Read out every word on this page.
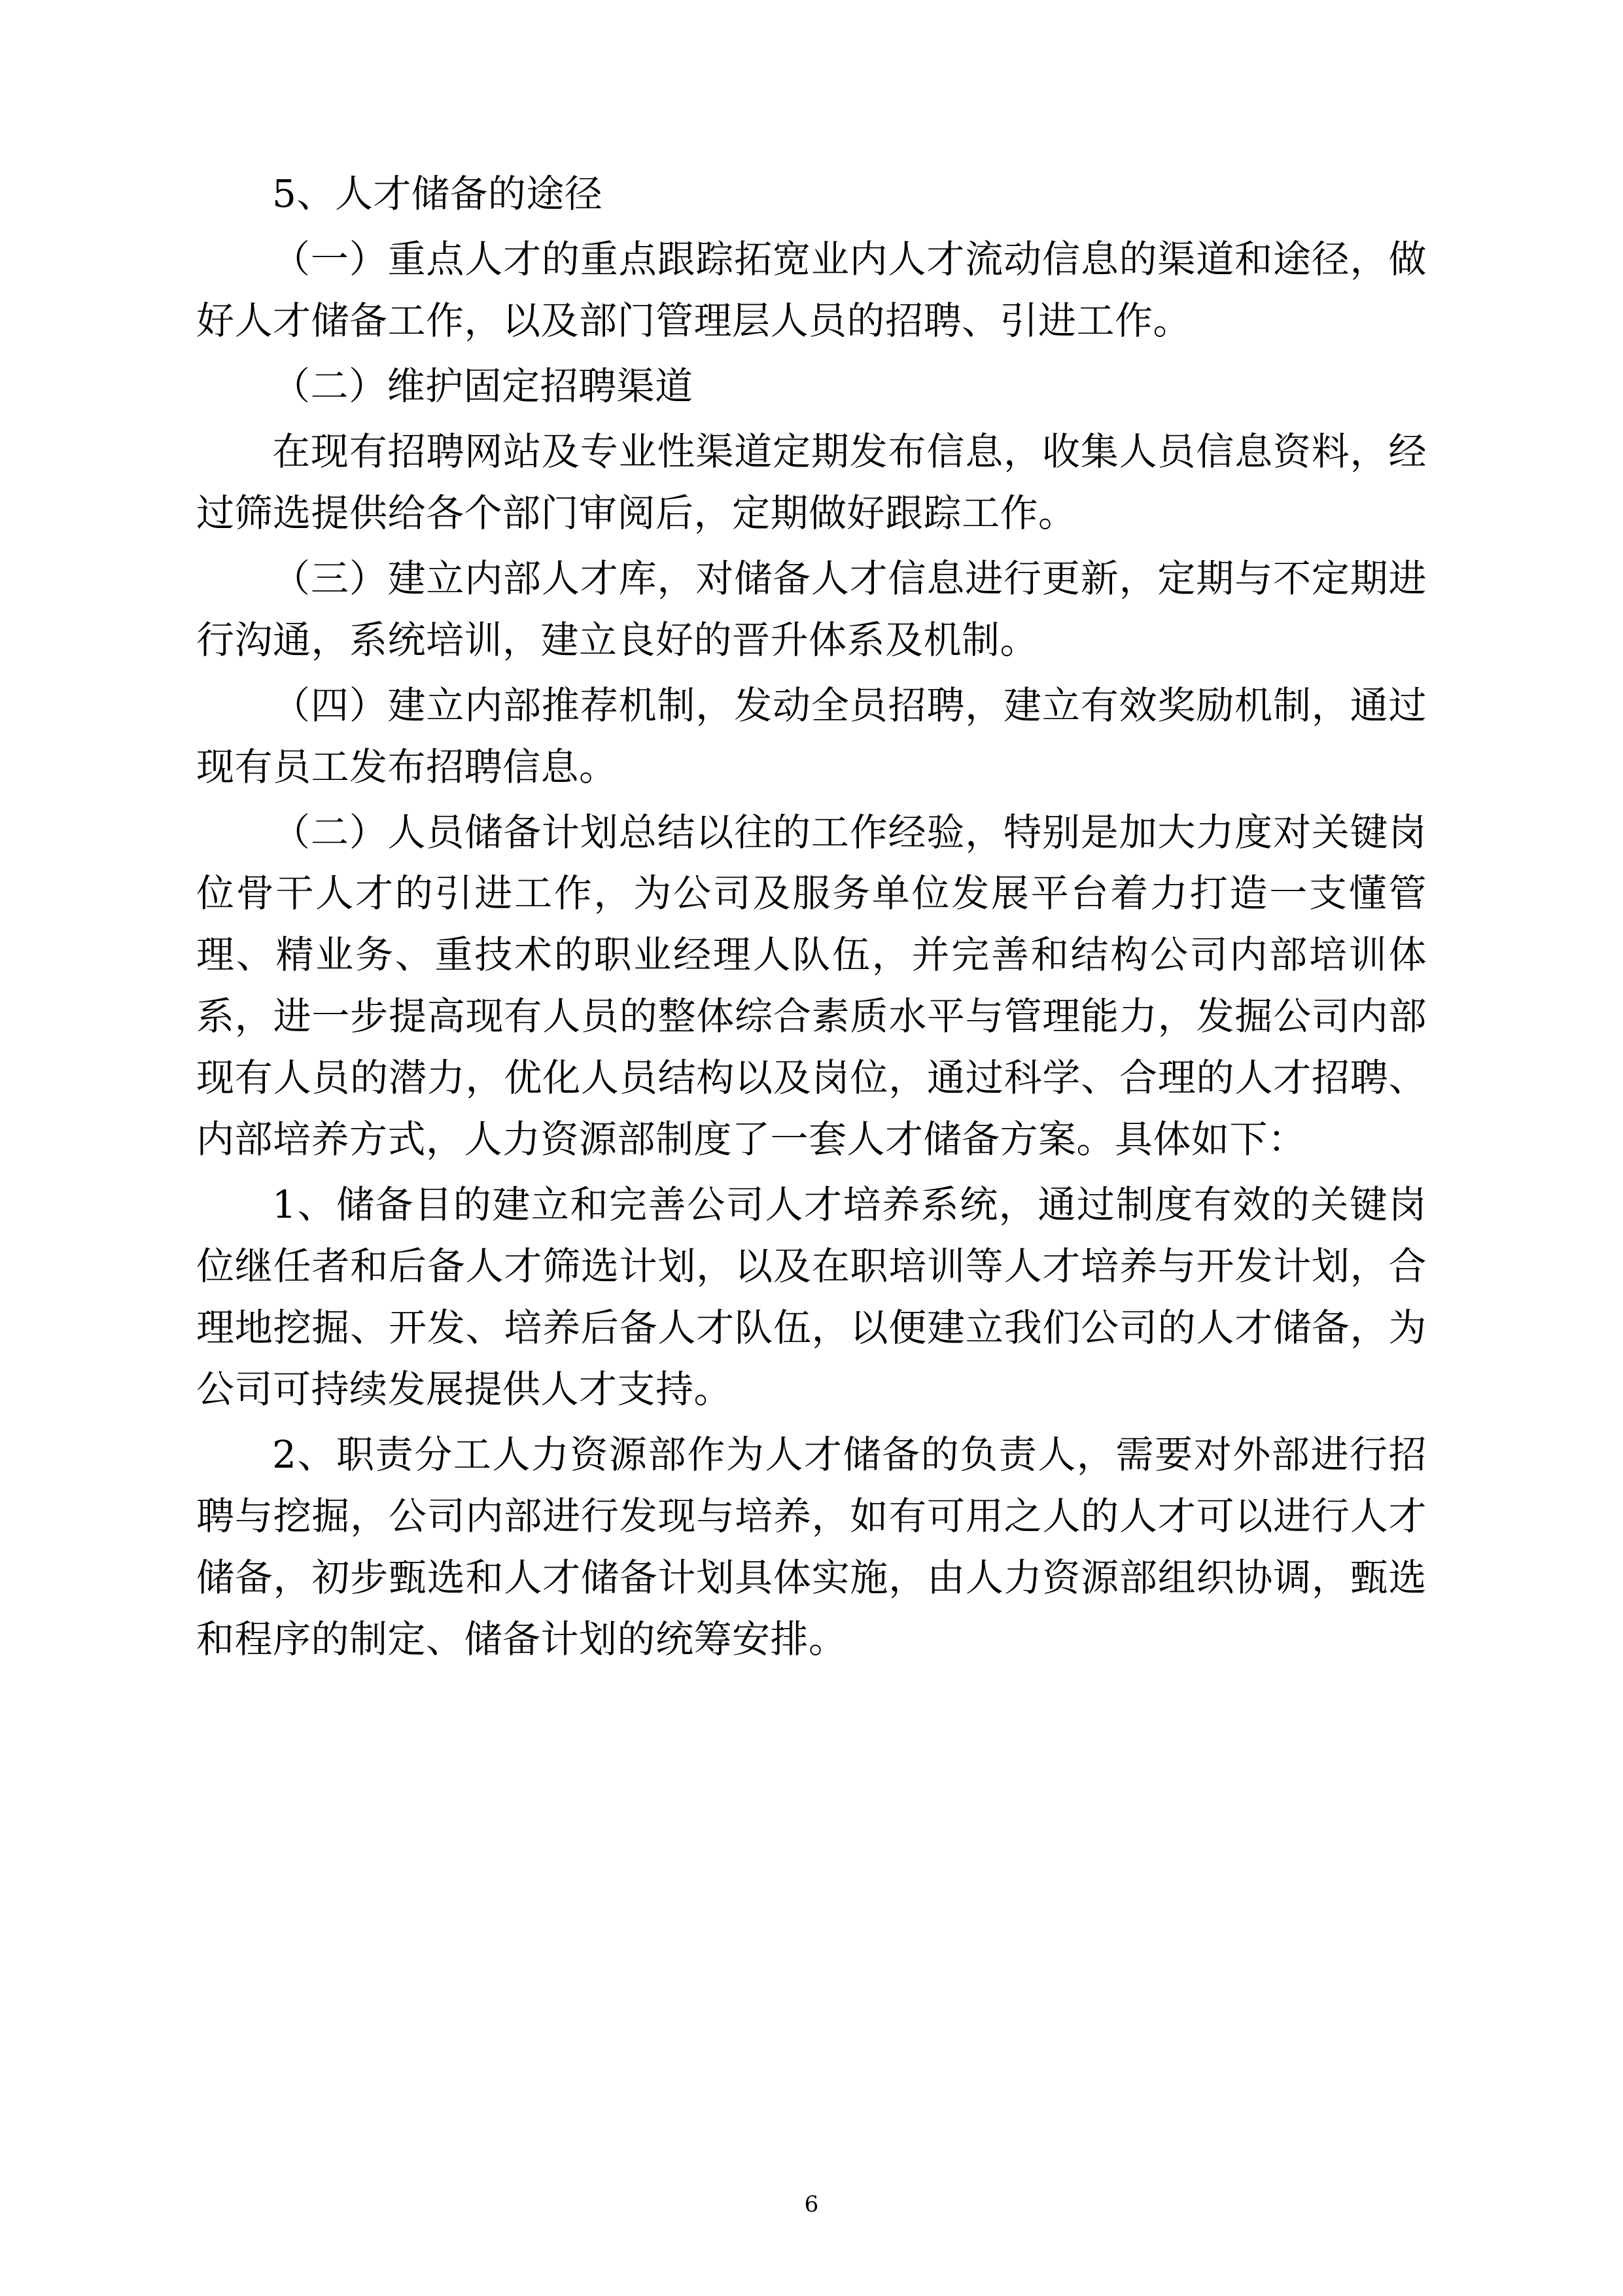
5、人才储备的途径

（一）重点人才的重点跟踪拓宽业内人才流动信息的渠道和途径，做好人才储备工作，以及部门管理层人员的招聘、引进工作。

（二）维护固定招聘渠道

在现有招聘网站及专业性渠道定期发布信息，收集人员信息资料，经过筛选提供给各个部门审阅后，定期做好跟踪工作。

（三）建立内部人才库，对储备人才信息进行更新，定期与不定期进行沟通，系统培训，建立良好的晋升体系及机制。

（四）建立内部推荐机制，发动全员招聘，建立有效奖励机制，通过现有员工发布招聘信息。

（二）人员储备计划总结以往的工作经验，特别是加大力度对关键岗位骨干人才的引进工作，为公司及服务单位发展平台着力打造一支懂管理、精业务、重技术的职业经理人队伍，并完善和结构公司内部培训体系，进一步提高现有人员的整体综合素质水平与管理能力，发掘公司内部现有人员的潜力，优化人员结构以及岗位，通过科学、合理的人才招聘、内部培养方式，人力资源部制度了一套人才储备方案。具体如下：

1、储备目的建立和完善公司人才培养系统，通过制度有效的关键岗位继任者和后备人才筛选计划，以及在职培训等人才培养与开发计划，合理地挖掘、开发、培养后备人才队伍，以便建立我们公司的人才储备，为公司可持续发展提供人才支持。

2、职责分工人力资源部作为人才储备的负责人，需要对外部进行招聘与挖掘，公司内部进行发现与培养，如有可用之人的人才可以进行人才储备，初步甄选和人才储备计划具体实施，由人力资源部组织协调，甄选和程序的制定、储备计划的统筹安排。

6
